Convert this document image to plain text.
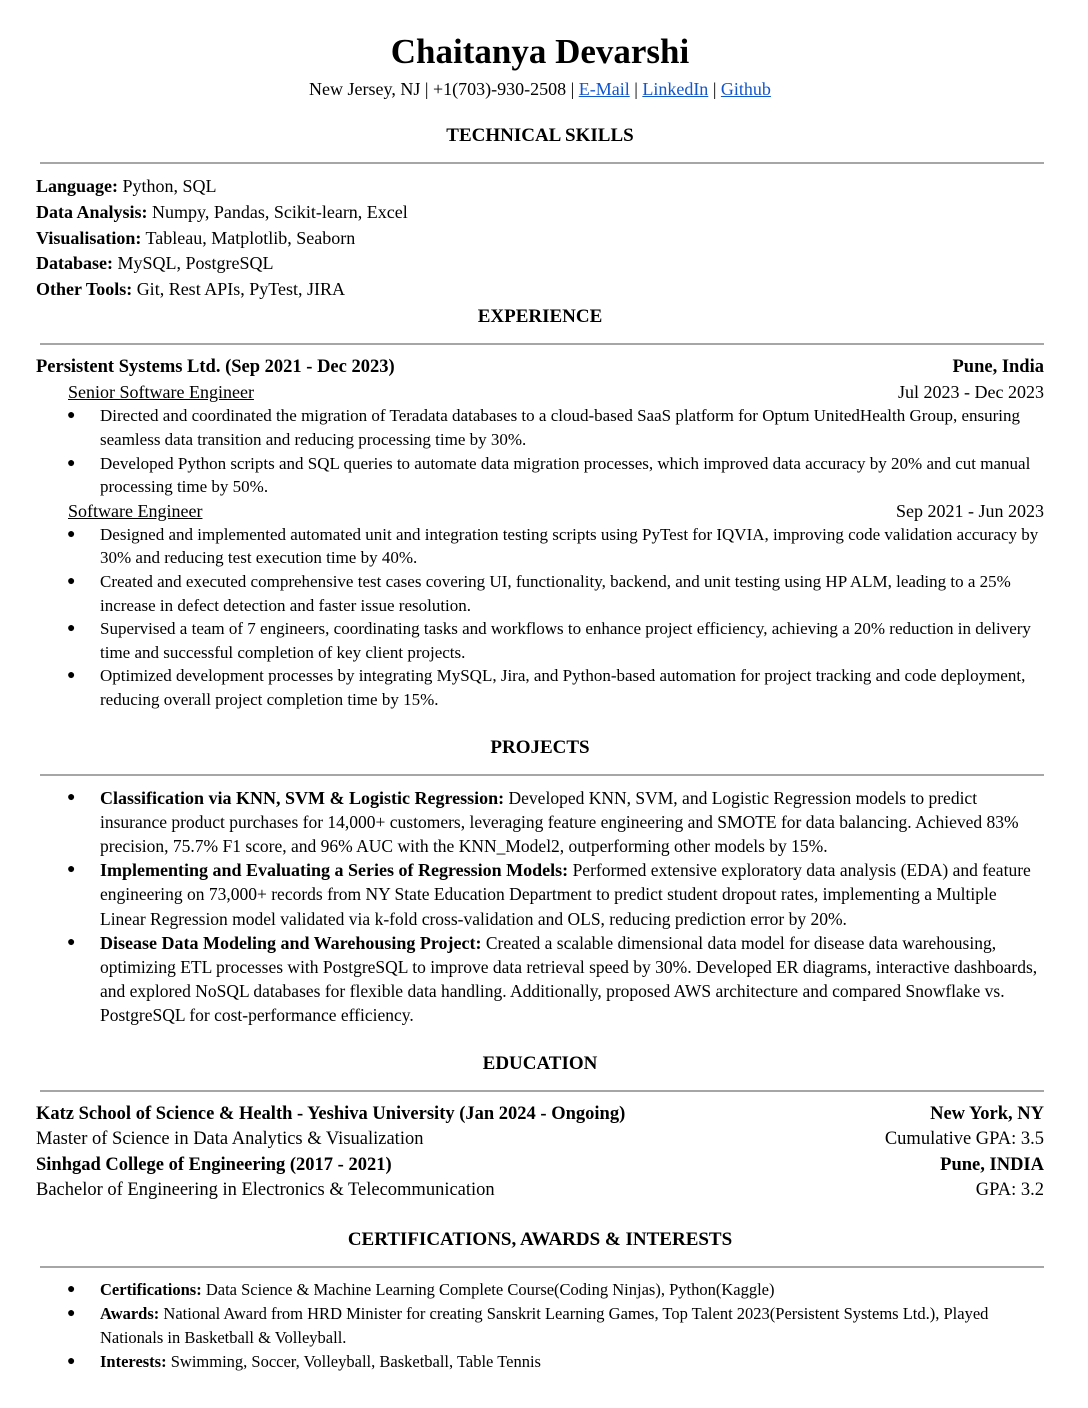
Chaitanya Devarshi
New Jersey, NJ | +1(703)-930-2508 | E-Mail | LinkedIn | Github
TECHNICAL SKILLS
Language: Python, SQL
Data Analysis: Numpy, Pandas, Scikit-learn, Excel
Visualisation: Tableau, Matplotlib, Seaborn
Database: MySQL, PostgreSQL
Other Tools: Git, Rest APIs, PyTest, JIRA
EXPERIENCE
Persistent Systems Ltd. (Sep 2021 - Dec 2023)	Pune, India
Senior Software Engineer	Jul 2023 - Dec 2023
● Directed and coordinated the migration of Teradata databases to a cloud-based SaaS platform for Optum UnitedHealth Group, ensuring seamless data transition and reducing processing time by 30%.
● Developed Python scripts and SQL queries to automate data migration processes, which improved data accuracy by 20% and cut manual processing time by 50%.
Software Engineer	Sep 2021 - Jun 2023
● Designed and implemented automated unit and integration testing scripts using PyTest for IQVIA, improving code validation accuracy by 30% and reducing test execution time by 40%.
● Created and executed comprehensive test cases covering UI, functionality, backend, and unit testing using HP ALM, leading to a 25% increase in defect detection and faster issue resolution.
● Supervised a team of 7 engineers, coordinating tasks and workflows to enhance project efficiency, achieving a 20% reduction in delivery time and successful completion of key client projects.
● Optimized development processes by integrating MySQL, Jira, and Python-based automation for project tracking and code deployment, reducing overall project completion time by 15%.
PROJECTS
● Classification via KNN, SVM & Logistic Regression: Developed KNN, SVM, and Logistic Regression models to predict insurance product purchases for 14,000+ customers, leveraging feature engineering and SMOTE for data balancing. Achieved 83% precision, 75.7% F1 score, and 96% AUC with the KNN_Model2, outperforming other models by 15%.
● Implementing and Evaluating a Series of Regression Models: Performed extensive exploratory data analysis (EDA) and feature engineering on 73,000+ records from NY State Education Department to predict student dropout rates, implementing a Multiple Linear Regression model validated via k-fold cross-validation and OLS, reducing prediction error by 20%.
● Disease Data Modeling and Warehousing Project: Created a scalable dimensional data model for disease data warehousing, optimizing ETL processes with PostgreSQL to improve data retrieval speed by 30%. Developed ER diagrams, interactive dashboards, and explored NoSQL databases for flexible data handling. Additionally, proposed AWS architecture and compared Snowflake vs. PostgreSQL for cost-performance efficiency.
EDUCATION
Katz School of Science & Health - Yeshiva University (Jan 2024 - Ongoing)	New York, NY
Master of Science in Data Analytics & Visualization	Cumulative GPA: 3.5
Sinhgad College of Engineering (2017 - 2021)	Pune, INDIA
Bachelor of Engineering in Electronics & Telecommunication	GPA: 3.2
CERTIFICATIONS, AWARDS & INTERESTS
● Certifications: Data Science & Machine Learning Complete Course(Coding Ninjas), Python(Kaggle)
● Awards: National Award from HRD Minister for creating Sanskrit Learning Games, Top Talent 2023(Persistent Systems Ltd.), Played Nationals in Basketball & Volleyball.
● Interests: Swimming, Soccer, Volleyball, Basketball, Table Tennis
